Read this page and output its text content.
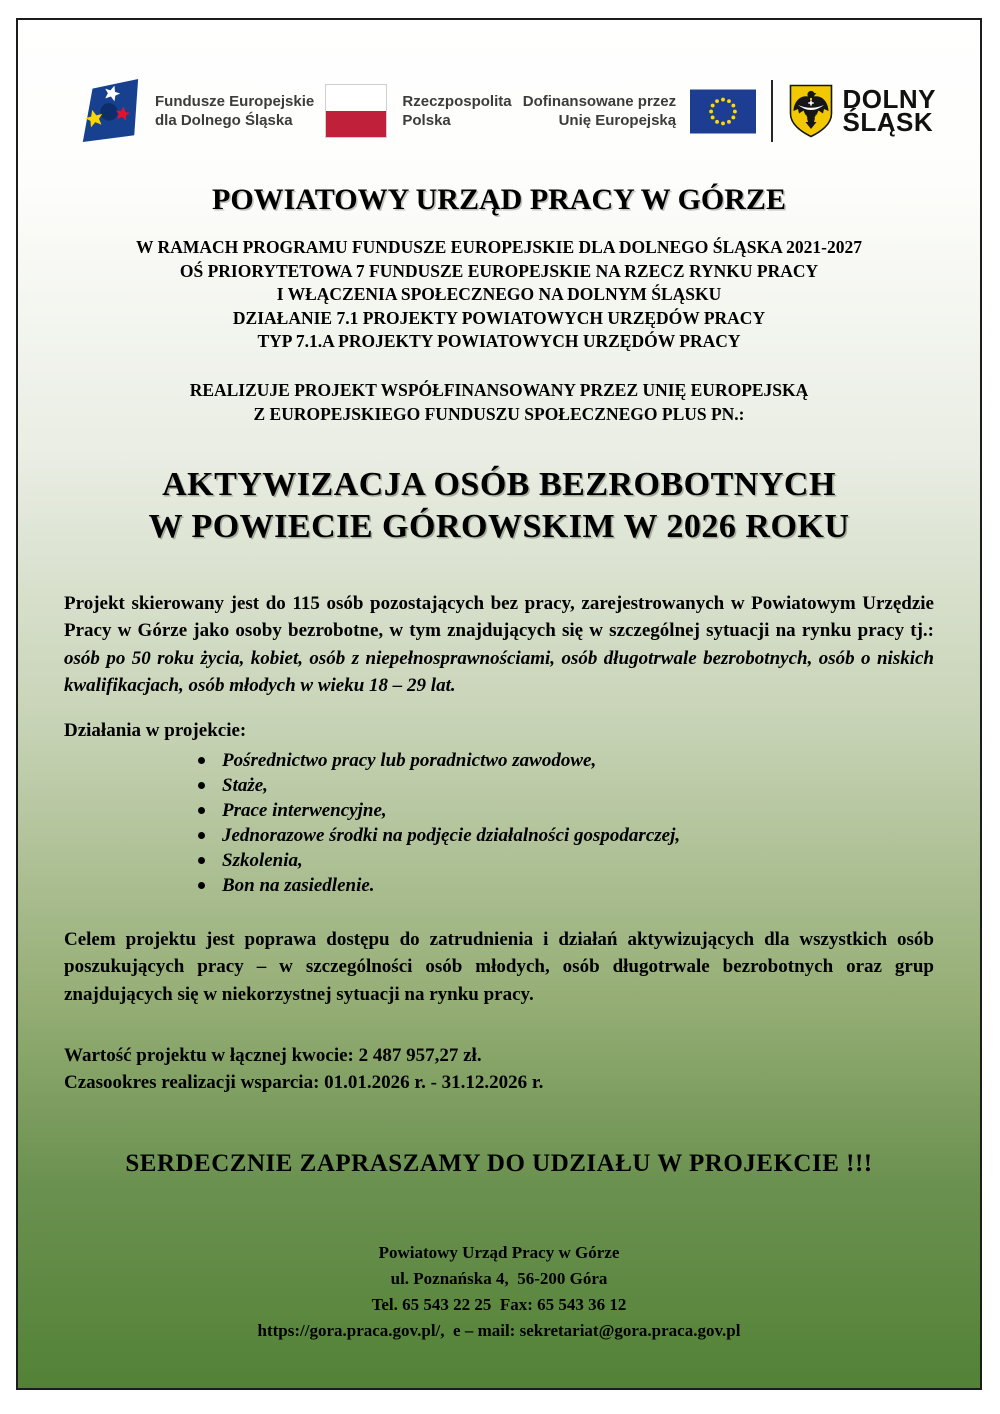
Fundusze Europejskie
dla Dolnego Śląska
Rzeczpospolita
Polska
Dofinansowane przez
Unię Europejską
DOLNY
ŚLĄSK
POWIATOWY URZĄD PRACY W GÓRZE
W RAMACH PROGRAMU FUNDUSZE EUROPEJSKIE DLA DOLNEGO ŚLĄSKA 2021-2027
OŚ PRIORYTETOWA 7 FUNDUSZE EUROPEJSKIE NA RZECZ RYNKU PRACY
I WŁĄCZENIA SPOŁECZNEGO NA DOLNYM ŚLĄSKU
DZIAŁANIE 7.1 PROJEKTY POWIATOWYCH URZĘDÓW PRACY
TYP 7.1.A PROJEKTY POWIATOWYCH URZĘDÓW PRACY
REALIZUJE PROJEKT WSPÓŁFINANSOWANY PRZEZ UNIĘ EUROPEJSKĄ
Z EUROPEJSKIEGO FUNDUSZU SPOŁECZNEGO PLUS PN.:
AKTYWIZACJA OSÓB BEZROBOTNYCH
W POWIECIE GÓROWSKIM W 2026 ROKU

Projekt skierowany jest do 115 osób pozostających bez pracy, zarejestrowanych w Powiatowym Urzędzie Pracy w Górze jako osoby bezrobotne, w tym znajdujących się w szczególnej sytuacji na rynku pracy tj.: osób po 50 roku życia, kobiet, osób z niepełnosprawnościami, osób długotrwale bezrobotnych, osób o niskich kwalifikacjach, osób młodych w wieku 18 – 29 lat.

Działania w projekcie:
Pośrednictwo pracy lub poradnictwo zawodowe,
Staże,
Prace interwencyjne,
Jednorazowe środki na podjęcie działalności gospodarczej,
Szkolenia,
Bon na zasiedlenie.

Celem projektu jest poprawa dostępu do zatrudnienia i działań aktywizujących dla wszystkich osób poszukujących pracy – w szczególności osób młodych, osób długotrwale bezrobotnych oraz grup znajdujących się w niekorzystnej sytuacji na rynku pracy.

Wartość projektu w łącznej kwocie: 2 487 957,27 zł.
Czasookres realizacji wsparcia: 01.01.2026 r. - 31.12.2026 r.
SERDECZNIE ZAPRASZAMY DO UDZIAŁU W PROJEKCIE !!!
Powiatowy Urząd Pracy w Górze
ul. Poznańska 4,  56-200 Góra
Tel. 65 543 22 25  Fax: 65 543 36 12
https://gora.praca.gov.pl/,  e – mail: sekretariat@gora.praca.gov.pl
